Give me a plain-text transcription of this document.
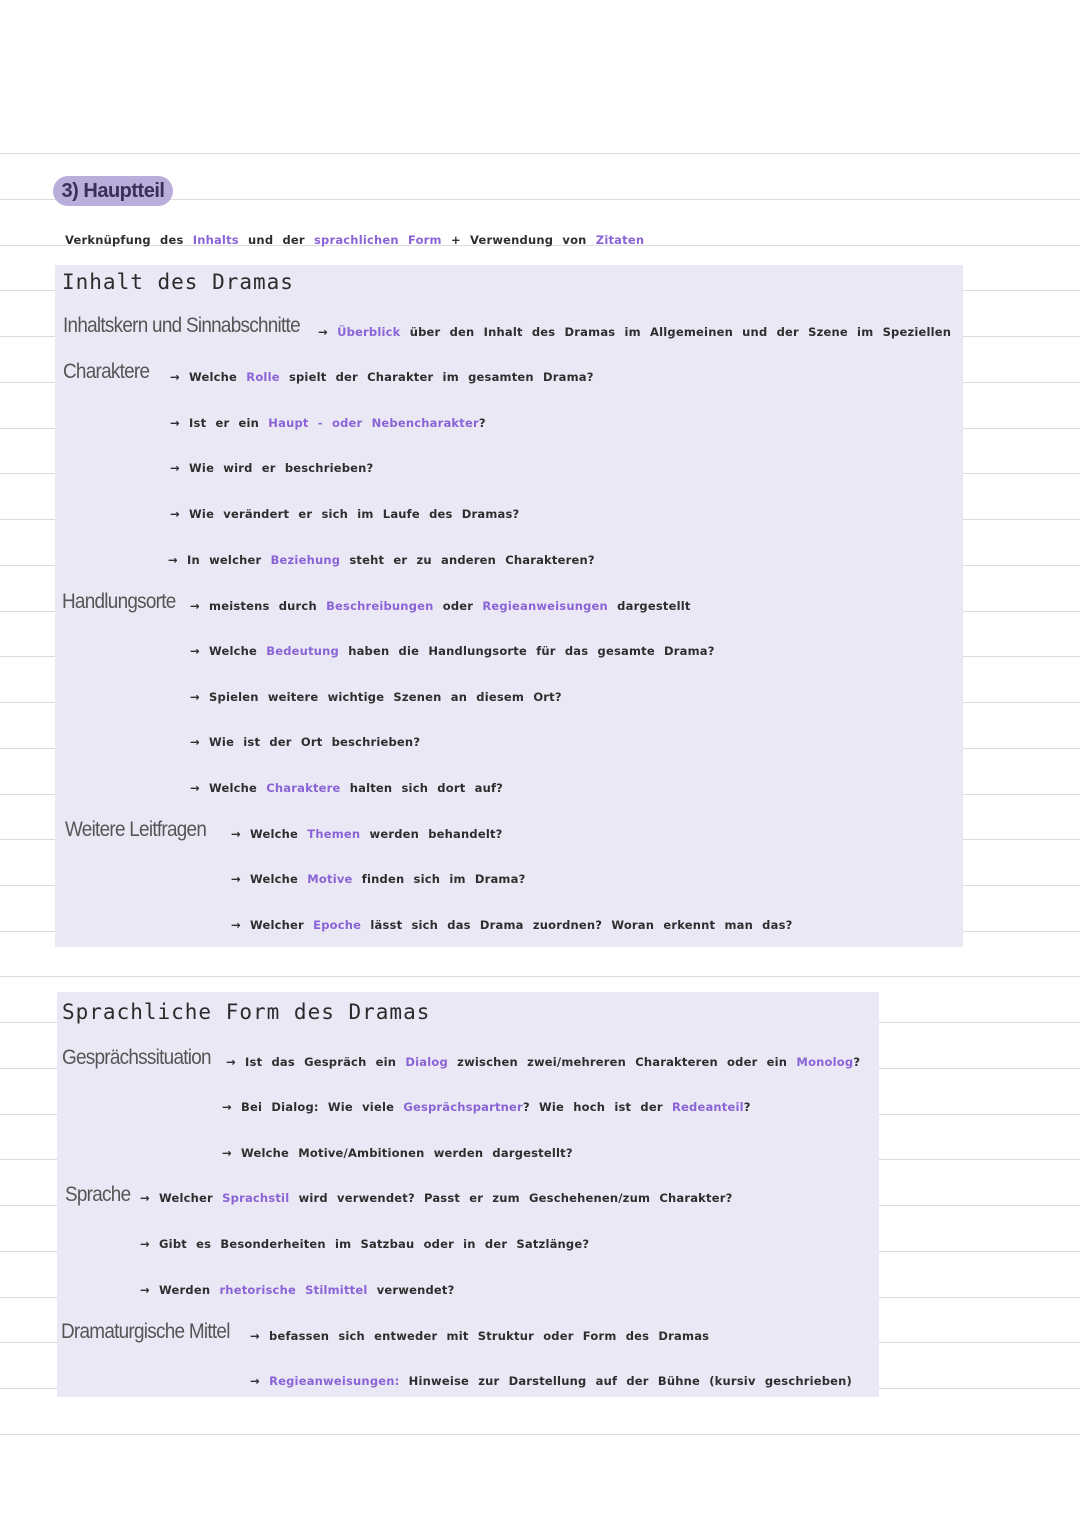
3) Hauptteil
Verknüpfung des Inhalts und der sprachlichen Form + Verwendung von Zitaten
Inhalt des Dramas
Inhaltskern und Sinnabschnitte → Überblick über den Inhalt des Dramas im Allgemeinen und der Szene im Speziellen
Charaktere → Welche Rolle spielt der Charakter im gesamten Drama?
→ Ist er ein Haupt - oder Nebencharakter?
→ Wie wird er beschrieben?
→ Wie verändert er sich im Laufe des Dramas?
→ In welcher Beziehung steht er zu anderen Charakteren?
Handlungsorte → meistens durch Beschreibungen oder Regieanweisungen dargestellt
→ Welche Bedeutung haben die Handlungsorte für das gesamte Drama?
→ Spielen weitere wichtige Szenen an diesem Ort?
→ Wie ist der Ort beschrieben?
→ Welche Charaktere halten sich dort auf?
Weitere Leitfragen → Welche Themen werden behandelt?
→ Welche Motive finden sich im Drama?
→ Welcher Epoche lässt sich das Drama zuordnen? Woran erkennt man das?
Sprachliche Form des Dramas
Gesprächssituation → Ist das Gespräch ein Dialog zwischen zwei/mehreren Charakteren oder ein Monolog?
→ Bei Dialog: Wie viele Gesprächspartner? Wie hoch ist der Redeanteil?
→ Welche Motive/Ambitionen werden dargestellt?
Sprache → Welcher Sprachstil wird verwendet? Passt er zum Geschehenen/zum Charakter?
→ Gibt es Besonderheiten im Satzbau oder in der Satzlänge?
→ Werden rhetorische Stilmittel verwendet?
Dramaturgische Mittel → befassen sich entweder mit Struktur oder Form des Dramas
→ Regieanweisungen: Hinweise zur Darstellung auf der Bühne (kursiv geschrieben)
